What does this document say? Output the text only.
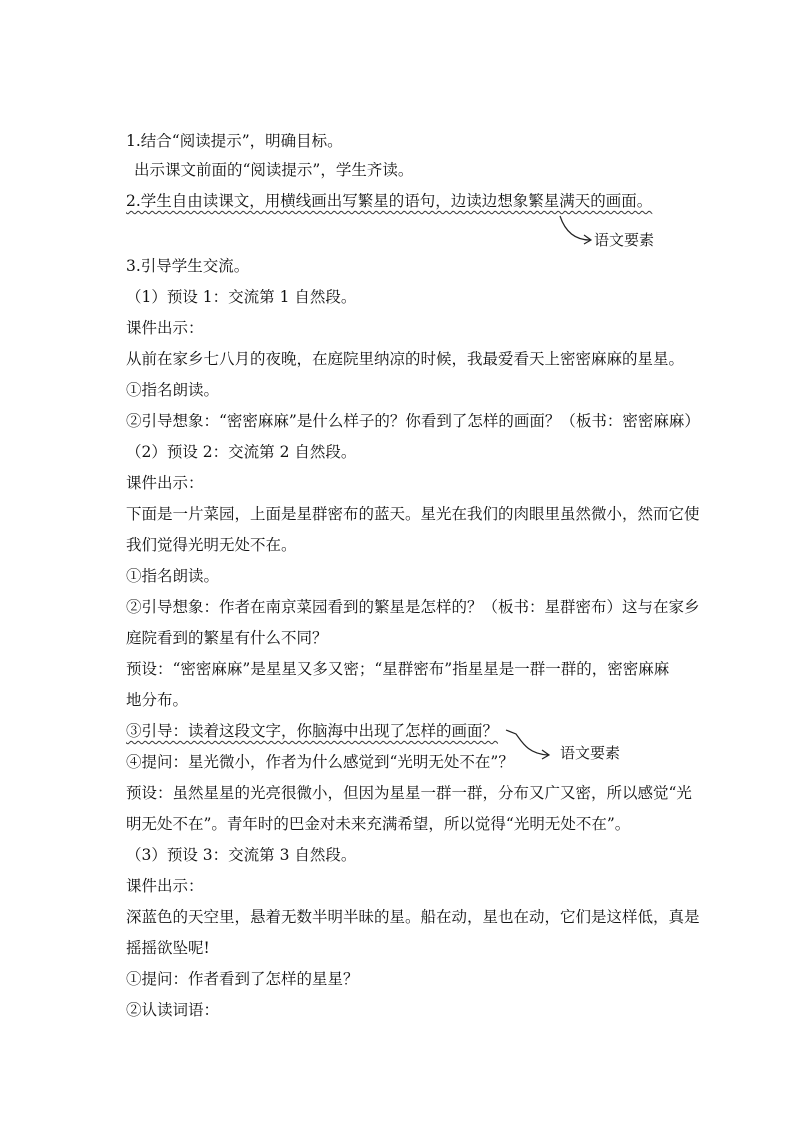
1.结合“阅读提示”，明确目标。
出示课文前面的“阅读提示”，学生齐读。
2.学生自由读课文，用横线画出写繁星的语句，边读边想象繁星满天的画面。
语文要素
3.引导学生交流。
（1）预设 1：交流第 1 自然段。
课件出示：
从前在家乡七八月的夜晚，在庭院里纳凉的时候，我最爱看天上密密麻麻的星星。
①指名朗读。
②引导想象：“密密麻麻”是什么样子的？你看到了怎样的画面？（板书：密密麻麻）
（2）预设 2：交流第 2 自然段。
课件出示：
下面是一片菜园，上面是星群密布的蓝天。星光在我们的肉眼里虽然微小，然而它使
我们觉得光明无处不在。
①指名朗读。
②引导想象：作者在南京菜园看到的繁星是怎样的？（板书：星群密布）这与在家乡
庭院看到的繁星有什么不同？
预设：“密密麻麻”是星星又多又密；“星群密布”指星星是一群一群的，密密麻麻
地分布。
③引导：读着这段文字，你脑海中出现了怎样的画面？
语文要素
④提问：星光微小，作者为什么感觉到“光明无处不在”？
预设：虽然星星的光亮很微小，但因为星星一群一群，分布又广又密，所以感觉“光
明无处不在”。青年时的巴金对未来充满希望，所以觉得“光明无处不在”。
（3）预设 3：交流第 3 自然段。
课件出示：
深蓝色的天空里，悬着无数半明半昧的星。船在动，星也在动，它们是这样低，真是
摇摇欲坠呢!
①提问：作者看到了怎样的星星？
②认读词语：
